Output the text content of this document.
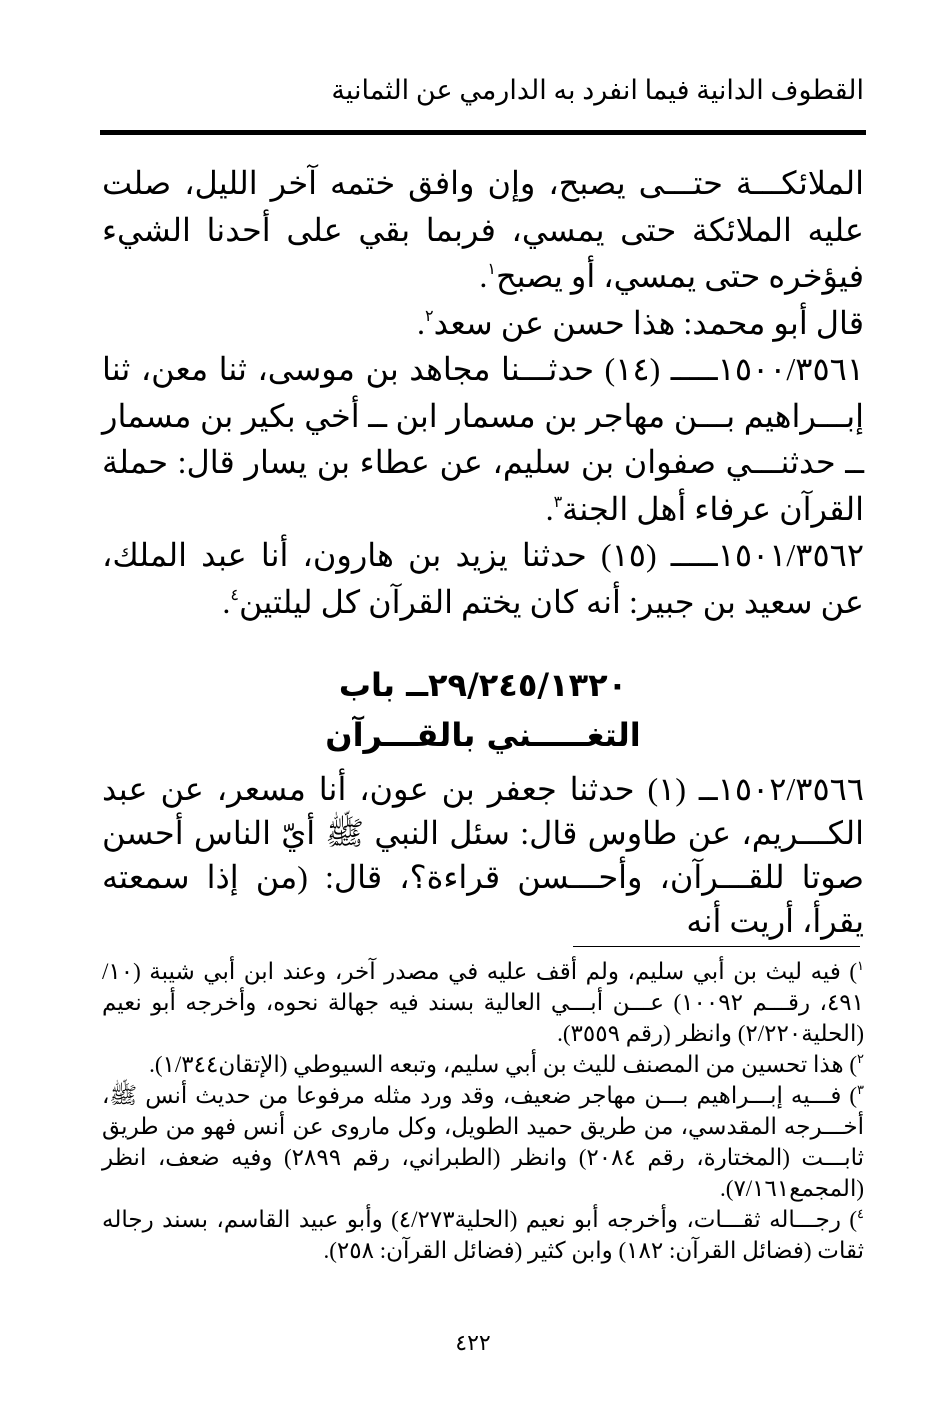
القطوف الدانية فيما انفرد به الدارمي عن الثمانية

الملائكـــة حتـــى يصبح، وإن وافق ختمه آخر الليل، صلت عليه الملائكة حتى يمسي، فربما بقي على أحدنا الشيء فيؤخره حتى يمسي، أو يصبح$^١$.

قال أبو محمد: هذا حسن عن سعد$^٢$.

١٥٠٠/٣٥٦١ـــــ (١٤) حدثـــنا مجاهد بن موسى، ثنا معن، ثنا إبـــراهيم بـــن مهاجر بن مسمار ابن ــ أخي بكير بن مسمار ــ حدثنـــي صفوان بن سليم، عن عطاء بن يسار قال: حملة القرآن عرفاء أهل الجنة$^٣$.

١٥٠١/٣٥٦٢ـــــ (١٥) حدثنا يزيد بن هارون، أنا عبد الملك، عن سعيد بن جبير: أنه كان يختم القرآن كل ليلتين$^٤$.

٢٩/٢٤٥/١٣٢٠ــ باب
التغـــــني بالقـــرآن

١٥٠٢/٣٥٦٦ــ (١) حدثنا جعفر بن عون، أنا مسعر، عن عبد الكـــريم، عن طاوس قال: سئل النبي ﷺ أيّ الناس أحسن صوتا للقـــرآن، وأحـــسن قراءة؟، قال: (من إذا سمعته يقرأ، أريت أنه

$^١$) فيه ليث بن أبي سليم، ولم أقف عليه في مصدر آخر، وعند ابن أبي شيبة (١٠/ ٤٩١، رقـــم ١٠٠٩٢) عـــن أبـــي العالية بسند فيه جهالة نحوه، وأخرجه أبو نعيم (الحلية٢/٢٢٠) وانظر (رقم ٣٥٥٩).

$^٢$) هذا تحسين من المصنف لليث بن أبي سليم، وتبعه السيوطي (الإتقان١/٣٤٤).

$^٣$) فـــيه إبـــراهيم بـــن مهاجر ضعيف، وقد ورد مثله مرفوعا من حديث أنس ﷺ، أخـــرجه المقدسي، من طريق حميد الطويل، وكل ماروى عن أنس فهو من طريق ثابـــت (المختارة، رقم ٢٠٨٤) وانظر (الطبراني، رقم ٢٨٩٩) وفيه ضعف، انظر (المجمع٧/١٦١).

$^٤$) رجـــاله ثقـــات، وأخرجه أبو نعيم (الحلية٤/٢٧٣) وأبو عبيد القاسم، بسند رجاله ثقات (فضائل القرآن: ١٨٢) وابن كثير (فضائل القرآن: ٢٥٨).

٤٢٢
